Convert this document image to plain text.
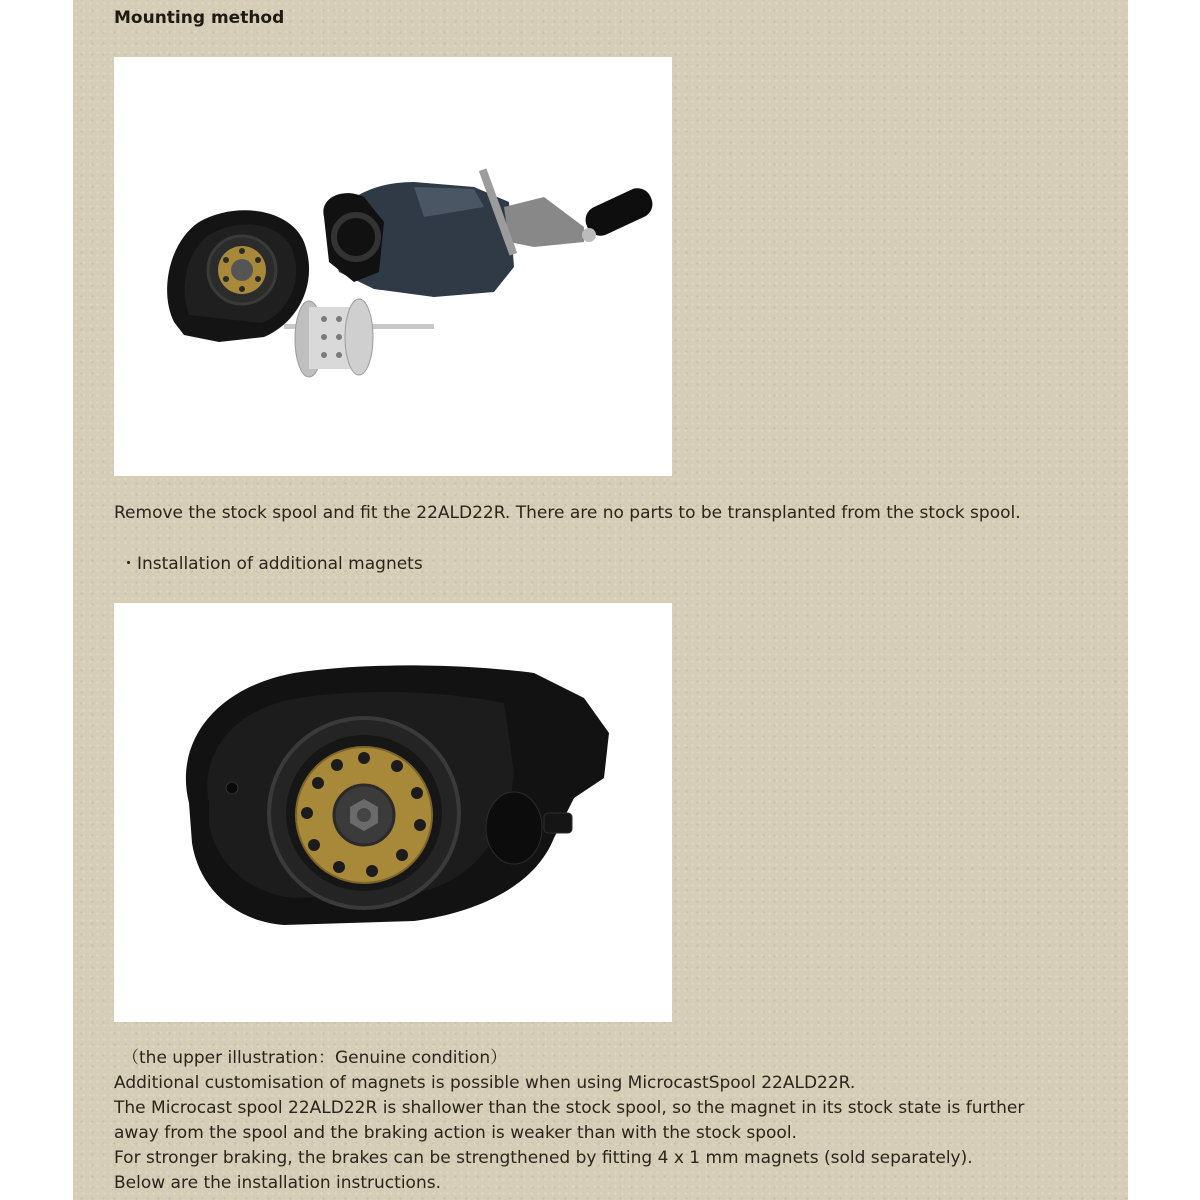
Mounting method
Remove the stock spool and fit the 22ALD22R. There are no parts to be transplanted from the stock spool.
・Installation of additional magnets
（the upper illustration：Genuine condition）
Additional customisation of magnets is possible when using MicrocastSpool 22ALD22R.
The Microcast spool 22ALD22R is shallower than the stock spool, so the magnet in its stock state is further
away from the spool and the braking action is weaker than with the stock spool.
For stronger braking, the brakes can be strengthened by fitting 4 x 1 mm magnets (sold separately).
Below are the installation instructions.
